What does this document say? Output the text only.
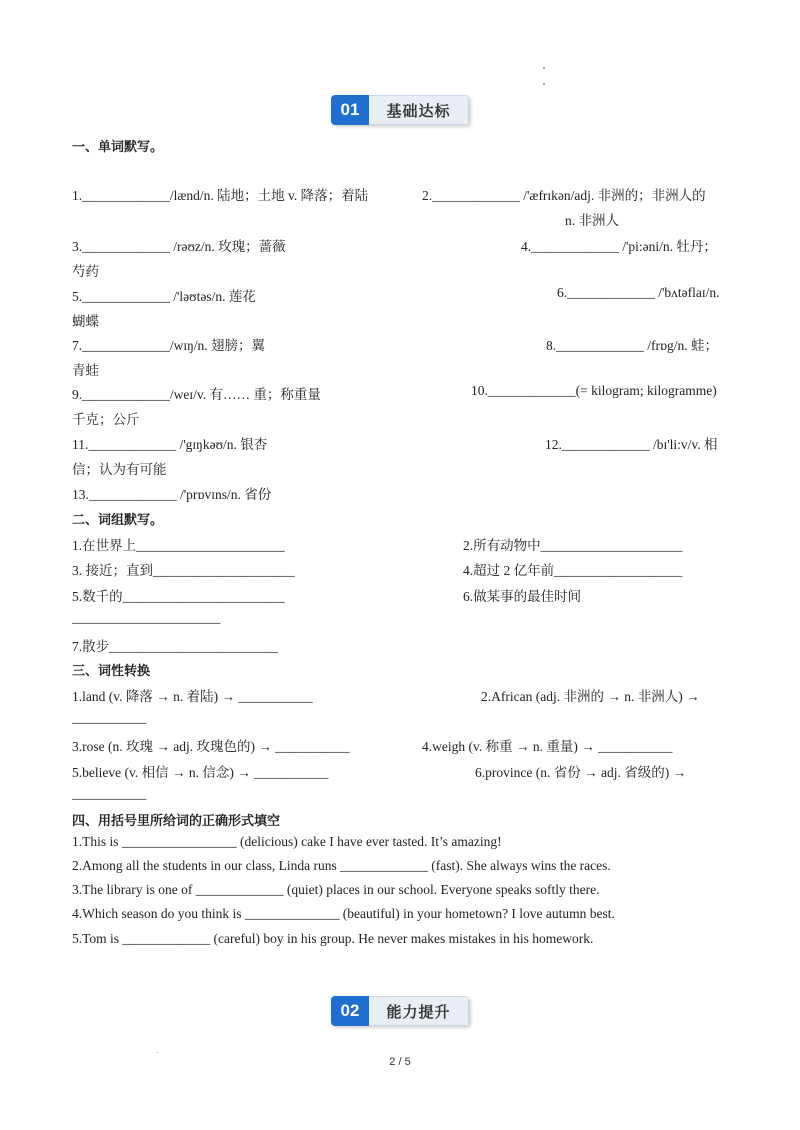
01	基础达标
一、单词默写。
1._____________/lænd/n. 陆地；土地 v. 降落；着陆	2._____________ /'æfrɪkən/adj. 非洲的；非洲人的
n. 非洲人
3._____________ /rəʊz/n. 玫瑰；蔷薇	4._____________ /'pi:əni/n. 牡丹；
芍药
5._____________ /'ləʊtəs/n. 莲花	6._____________ /'bʌtəflaɪ/n.
蝴蝶
7._____________/wɪŋ/n. 翅膀；翼	8._____________ /frɒg/n. 蛙；
青蛙
9._____________/weɪ/v. 有…… 重；称重量	10._____________(= kilogram; kilogramme)
千克；公斤
11._____________ /'gɪŋkəʊ/n. 银杏	12._____________ /bɪ'li:v/v. 相
信；认为有可能
13._____________ /'prɒvɪns/n. 省份
二、词组默写。
1.在世界上______________________	2.所有动物中_____________________
3. 接近；直到_____________________	4.超过 2 亿年前___________________
5.数千的________________________	6.做某事的最佳时间
______________________
7.散步_________________________
三、词性转换
1.land (v. 降落 → n. 着陆) → ___________	2.African (adj. 非洲的 → n. 非洲人) →
___________
3.rose (n. 玫瑰 → adj. 玫瑰色的) → ___________	4.weigh (v. 称重 → n. 重量) → ___________
5.believe (v. 相信 → n. 信念) → ___________	6.province (n. 省份 → adj. 省级的) →
___________
四、用括号里所给词的正确形式填空
1.This is _________________ (delicious) cake I have ever tasted. It’s amazing!
2.Among all the students in our class, Linda runs _____________ (fast). She always wins the races.
3.The library is one of _____________ (quiet) places in our school. Everyone speaks softly there.
4.Which season do you think is ______________ (beautiful) in your hometown? I love autumn best.
5.Tom is _____________ (careful) boy in his group. He never makes mistakes in his homework.
02	能力提升
2 / 5
